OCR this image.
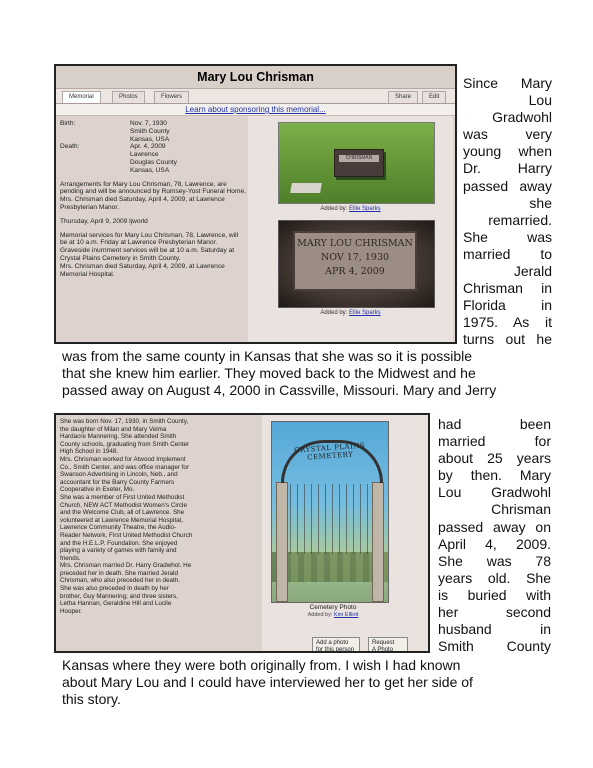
Mary Lou Chrisman
Memorial	Photos	Flowers	Share	Edit
Learn about sponsoring this memorial...
Birth:	Nov. 7, 1930
Smith County
Kansas, USA
Death:	Apr. 4, 2009
Lawrence
Douglas County
Kansas, USA
Arrangements for Mary Lou Chrisman, 78, Lawrence, are pending and will be announced by Rumsey-Yost Funeral Home.
Mrs. Chrisman died Saturday, April 4, 2009, at Lawrence Presbyterian Manor.
Thursday, April 9, 2009 ljworld
Memorial services for Mary Lou Chrisman, 78, Lawrence, will be at 10 a.m. Friday at Lawrence Presbyterian Manor. Graveside inurnment services will be at 10 a.m. Saturday at Crystal Plains Cemetery in Smith County.
Mrs. Chrisman died Saturday, April 4, 2009, at Lawrence Memorial Hospital.
CHRISMAN
Added by: Ellie Sparks
MARY LOU CHRISMAN
NOV 17, 1930
APR 4, 2009
Added by: Ellie Sparks
She was born Nov. 17, 1930, in Smith County,
the daughter of Milan and Mary Velma
Hardacre Mannering. She attended Smith
County schools, graduating from Smith Center
High School in 1948.
Mrs. Chrisman worked for Atwood Implement
Co., Smith Center, and was office manager for
Swanson Advertising in Lincoln, Neb., and
accountant for the Barry County Farmers
Cooperative in Exeter, Mo.
She was a member of First United Methodist
Church, NEW ACT Methodist Women's Circle
and the Welcome Club, all of Lawrence. She
volunteered at Lawrence Memorial Hospital,
Lawrence Community Theatre, the Audio-
Reader Network, First United Methodist Church
and the H.E.L.P. Foundation. She enjoyed
playing a variety of games with family and
friends.
Mrs. Chrisman married Dr. Harry Gradwhol. He
preceded her in death. She married Jerald
Chrisman, who also preceded her in death.
She was also preceded in death by her
brother, Guy Mannering; and three sisters,
Letha Hannan, Geraldine Hill and Lucile
Hooper.
CRYSTAL PLAINS CEMETERY
Cemetery Photo
Added by: Kim Elliott
Add a photo
for this person
Request
A Photo
Since Mary
Lou
Gradwohl
was very
young when
Dr. Harry
passed away
she
remarried.
She was
married to
Jerald
Chrisman in
Florida in
1975. As it
turns out he
was from the same county in Kansas that she was so it is possible
that she knew him earlier. They moved back to the Midwest and he
passed away on August 4, 2000 in Cassville, Missouri. Mary and Jerry
had been
married for
about 25 years
by then. Mary
Lou Gradwohl
Chrisman
passed away on
April 4, 2009.
She was 78
years old. She
is buried with
her second
husband in
Smith County
Kansas where they were both originally from. I wish I had known
about Mary Lou and I could have interviewed her to get her side of
this story.
